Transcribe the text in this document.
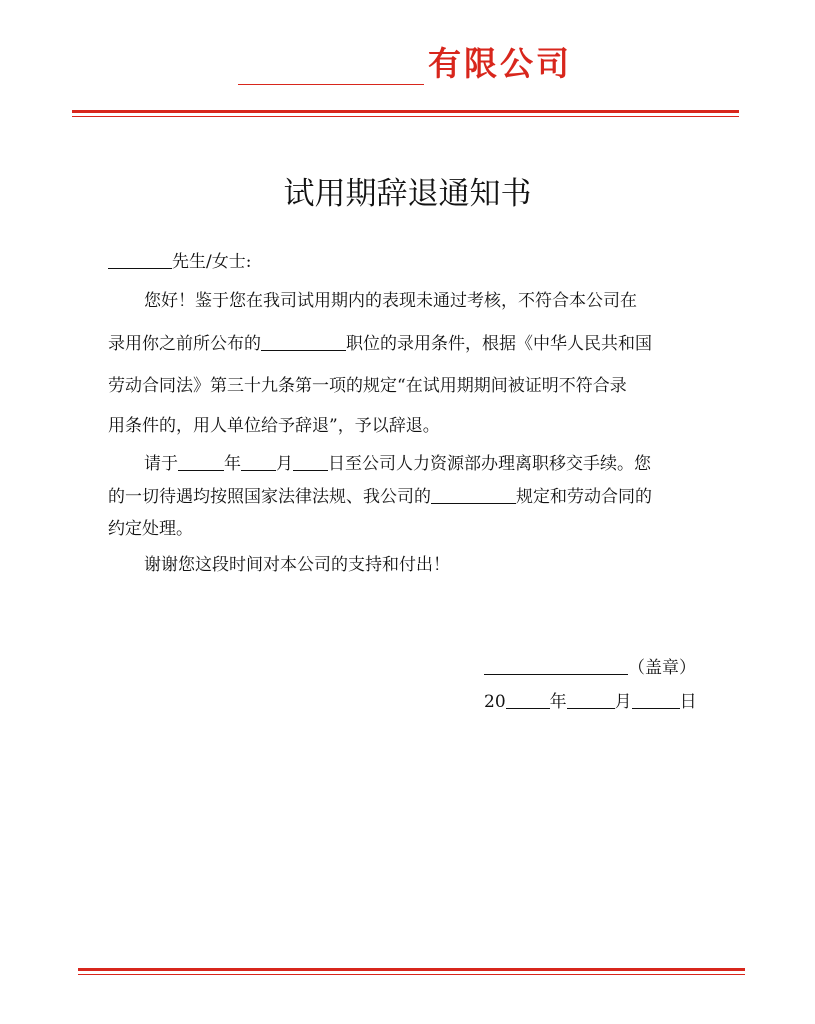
有限公司
试用期辞退通知书
先生/女士:
您好！鉴于您在我司试用期内的表现未通过考核，不符合本公司在
录用你之前所公布的	职位的录用条件，根据《中华人民共和国
劳动合同法》第三十九条第一项的规定“在试用期期间被证明不符合录
用条件的，用人单位给予辞退”，予以辞退。
请于	年 月 日至公司人力资源部办理离职移交手续。您
的一切待遇均按照国家法律法规、我公司的	规定和劳动合同的
约定处理。
谢谢您这段时间对本公司的支持和付出！
（盖章）
20	年	月	日
